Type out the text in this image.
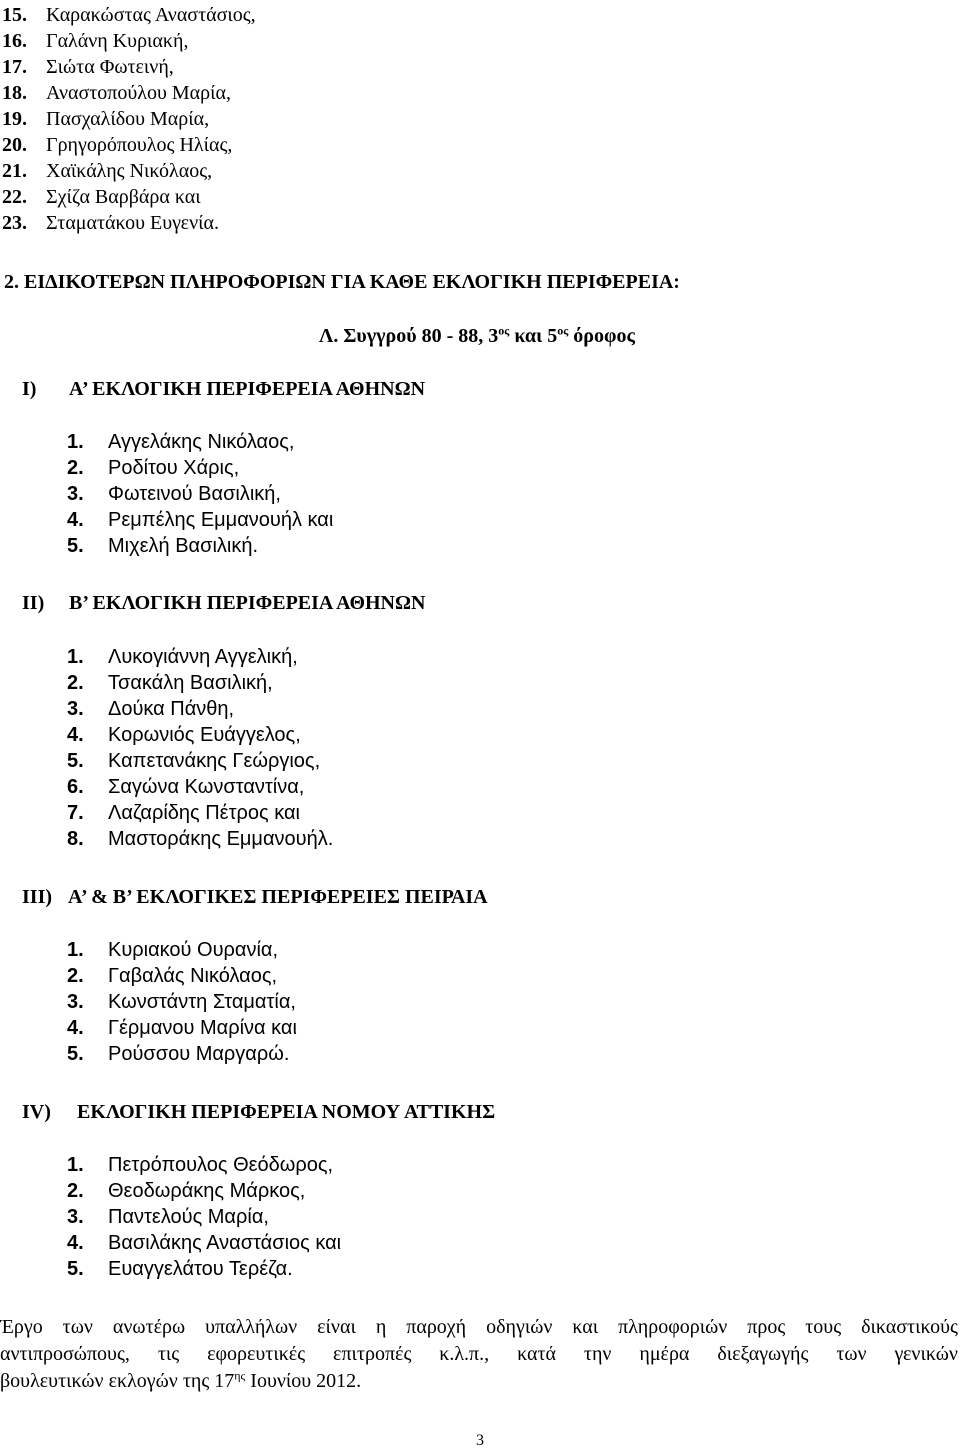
15. Καρακώστας Αναστάσιος,
16. Γαλάνη Κυριακή,
17. Σιώτα Φωτεινή,
18. Αναστοπούλου Μαρία,
19. Πασχαλίδου Μαρία,
20. Γρηγορόπουλος Ηλίας,
21. Χαϊκάλης Νικόλαος,
22. Σχίζα Βαρβάρα και
23. Σταματάκου Ευγενία.
2. ΕΙΔΙΚΟΤΕΡΩΝ ΠΛΗΡΟΦΟΡΙΩΝ ΓΙΑ ΚΑΘΕ ΕΚΛΟΓΙΚΗ ΠΕΡΙΦΕΡΕΙΑ:
Λ. Συγγρού 80 - 88, $3^{o\varsigma}$ και $5^{o\varsigma}$ όροφος
I) Α’ ΕΚΛΟΓΙΚΗ ΠΕΡΙΦΕΡΕΙΑ ΑΘΗΝΩΝ
1. Αγγελάκης Νικόλαος,
2. Ροδίτου Χάρις,
3. Φωτεινού Βασιλική,
4. Ρεμπέλης Εμμανουήλ και
5. Μιχελή Βασιλική.
II) Β’ ΕΚΛΟΓΙΚΗ ΠΕΡΙΦΕΡΕΙΑ ΑΘΗΝΩΝ
1. Λυκογιάννη Αγγελική,
2. Τσακάλη Βασιλική,
3. Δούκα Πάνθη,
4. Κορωνιός Ευάγγελος,
5. Καπετανάκης Γεώργιος,
6. Σαγώνα Κωνσταντίνα,
7. Λαζαρίδης Πέτρος και
8. Μαστοράκης Εμμανουήλ.
III) Α’ & Β’ ΕΚΛΟΓΙΚΕΣ ΠΕΡΙΦΕΡΕΙΕΣ ΠΕΙΡΑΙΑ
1. Κυριακού Ουρανία,
2. Γαβαλάς Νικόλαος,
3. Κωνστάντη Σταματία,
4. Γέρμανου Μαρίνα και
5. Ρούσσου Μαργαρώ.
IV) ΕΚΛΟΓΙΚΗ ΠΕΡΙΦΕΡΕΙΑ ΝΟΜΟΥ ΑΤΤΙΚΗΣ
1. Πετρόπουλος Θεόδωρος,
2. Θεοδωράκης Μάρκος,
3. Παντελούς Μαρία,
4. Βασιλάκης Αναστάσιος και
5. Ευαγγελάτου Τερέζα.
Έργο των ανωτέρω υπαλλήλων είναι η παροχή οδηγιών και πληροφοριών προς τους δικαστικούς
αντιπροσώπους, τις εφορευτικές επιτροπές κ.λ.π., κατά την ημέρα διεξαγωγής των γενικών
βουλευτικών εκλογών της $17^{\eta\varsigma}$ Ιουνίου 2012.
3
